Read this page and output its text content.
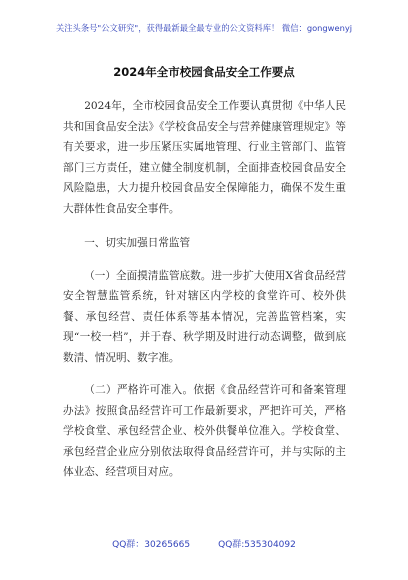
关注头条号"公文研究"，获得最新最全最专业的公文资料库！ 微信：gongwenyj
2024年全市校园食品安全工作要点

2024年，全市校园食品安全工作要认真贯彻《中华人民共和国食品安全法》《学校食品安全与营养健康管理规定》等有关要求，进一步压紧压实属地管理、行业主管部门、监管部门三方责任，建立健全制度机制，全面排查校园食品安全风险隐患，大力提升校园食品安全保障能力，确保不发生重大群体性食品安全事件。

一、切实加强日常监管

（一）全面摸清监管底数。进一步扩大使用X省食品经营安全智慧监管系统，针对辖区内学校的食堂许可、校外供餐、承包经营、责任体系等基本情况，完善监管档案，实现“一校一档”，并于春、秋学期及时进行动态调整，做到底数清、情况明、数字准。

（二）严格许可准入。依据《食品经营许可和备案管理办法》按照食品经营许可工作最新要求，严把许可关，严格学校食堂、承包经营企业、校外供餐单位准入。学校食堂、承包经营企业应分别依法取得食品经营许可，并与实际的主体业态、经营项目对应。

QQ群：30265665	QQ群:535304092
